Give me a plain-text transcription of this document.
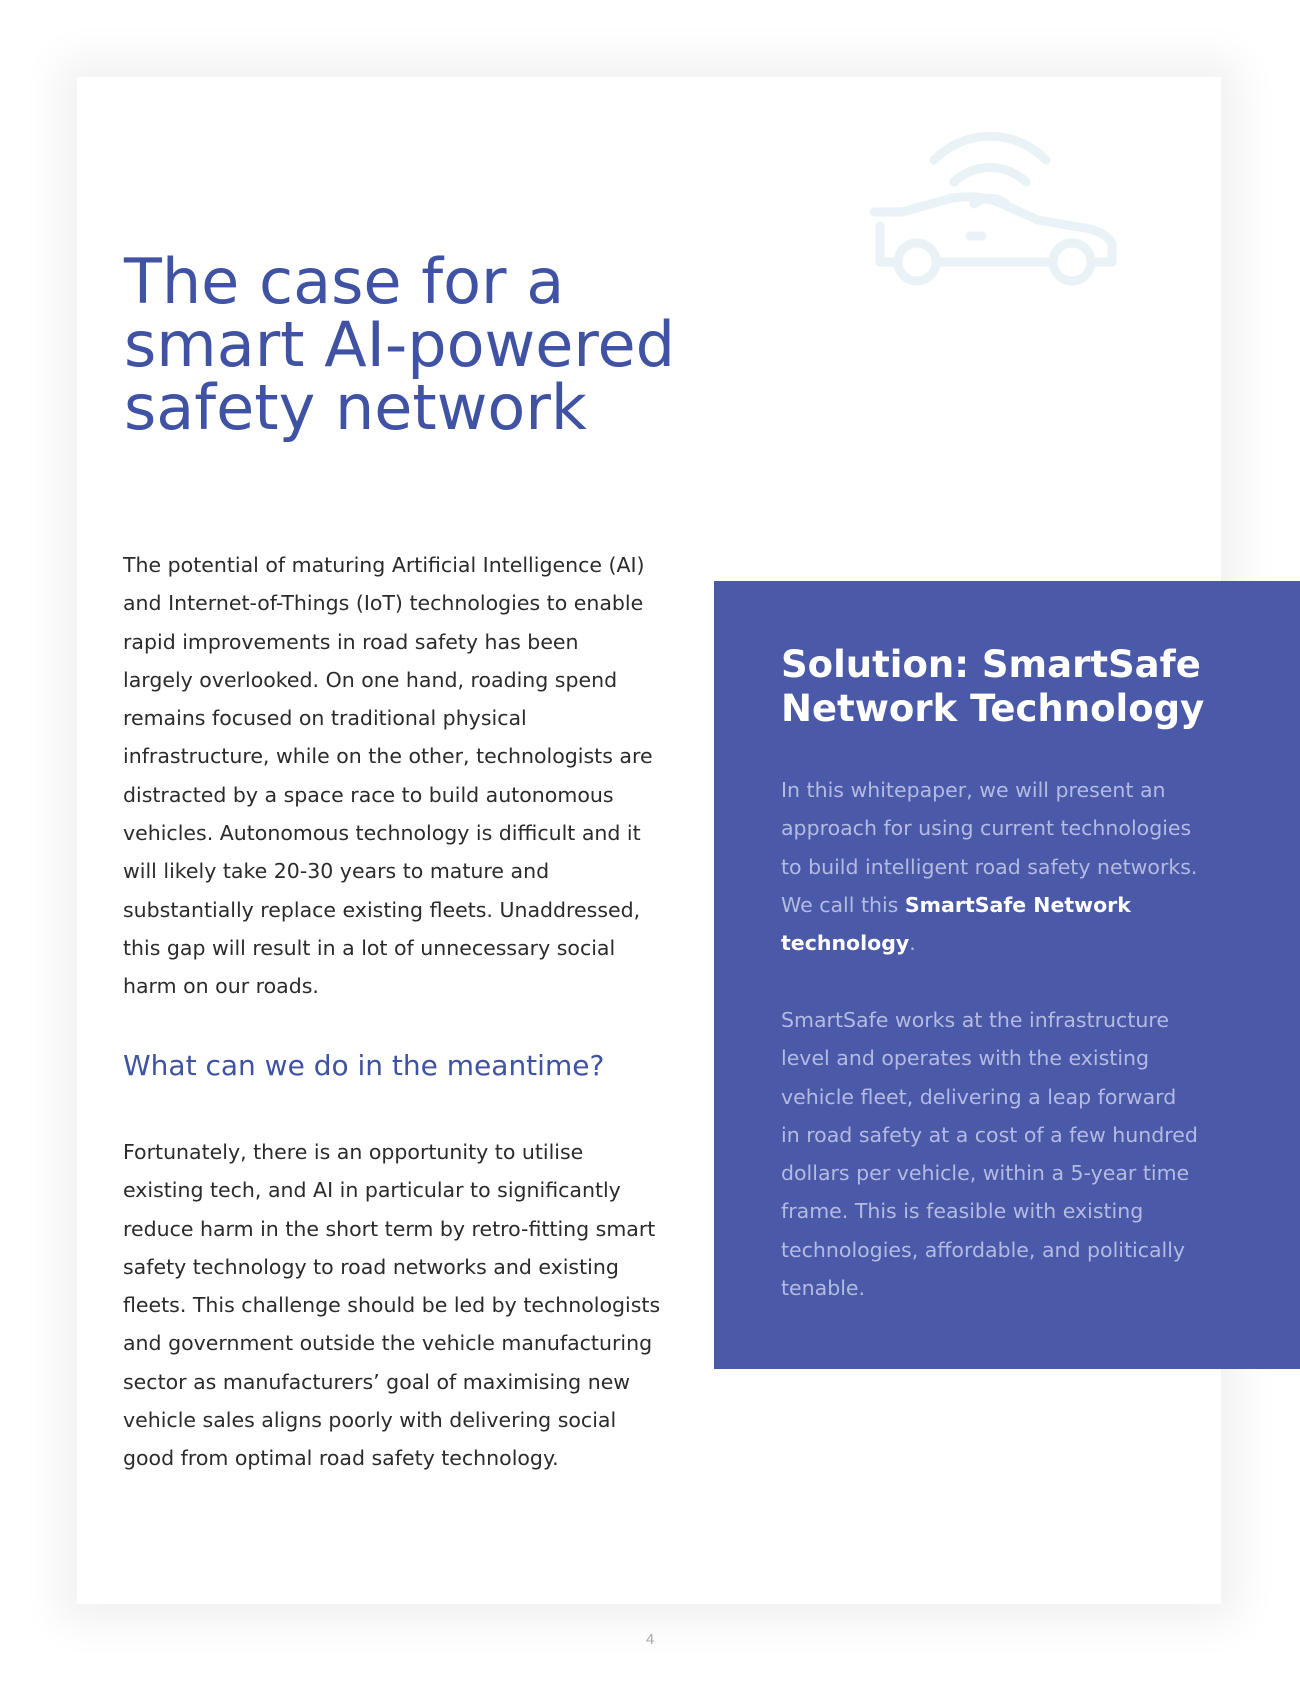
The case for a smart AI-powered safety network

The potential of maturing Artificial Intelligence (AI) and Internet-of-Things (IoT) technologies to enable rapid improvements in road safety has been largely overlooked. On one hand, roading spend remains focused on traditional physical infrastructure, while on the other, technologists are distracted by a space race to build autonomous vehicles. Autonomous technology is difficult and it will likely take 20-30 years to mature and substantially replace existing fleets. Unaddressed, this gap will result in a lot of unnecessary social harm on our roads.

What can we do in the meantime?

Fortunately, there is an opportunity to utilise existing tech, and AI in particular to significantly reduce harm in the short term by retro-fitting smart safety technology to road networks and existing fleets. This challenge should be led by technologists and government outside the vehicle manufacturing sector as manufacturers’ goal of maximising new vehicle sales aligns poorly with delivering social good from optimal road safety technology.

Solution: SmartSafe Network Technology

In this whitepaper, we will present an approach for using current technologies to build intelligent road safety networks. We call this SmartSafe Network technology.

SmartSafe works at the infrastructure level and operates with the existing vehicle fleet, delivering a leap forward in road safety at a cost of a few hundred dollars per vehicle, within a 5-year time frame. This is feasible with existing technologies, affordable, and politically tenable.

4
